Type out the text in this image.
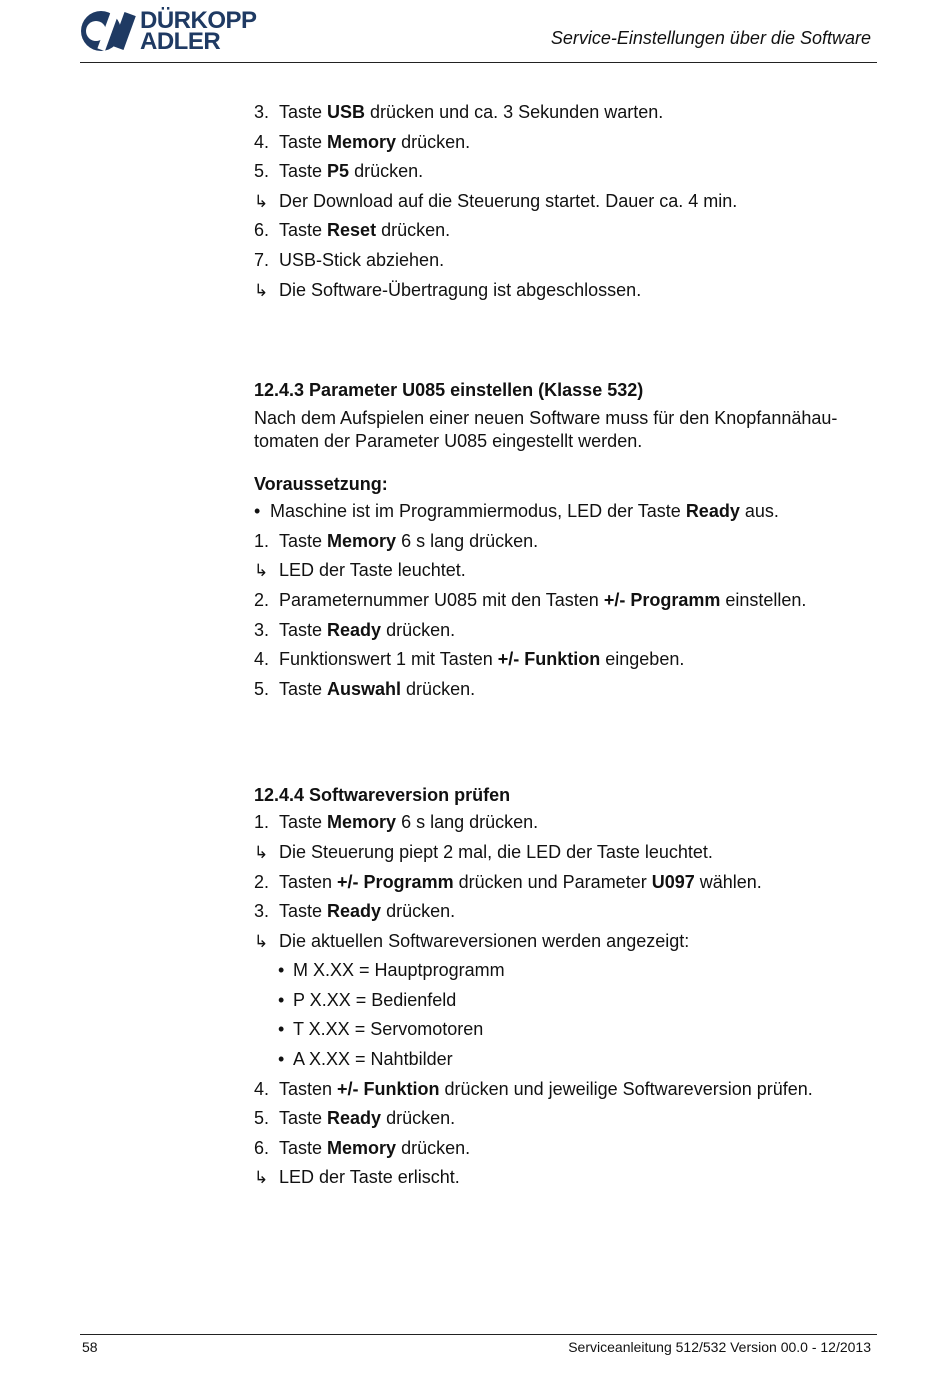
DÜRKOPP
ADLER	Service-Einstellungen über die Software
3. Taste USB drücken und ca. 3 Sekunden warten.
4. Taste Memory drücken.
5. Taste P5 drücken.
↳ Der Download auf die Steuerung startet. Dauer ca. 4 min.
6. Taste Reset drücken.
7. USB-Stick abziehen.
↳ Die Software-Übertragung ist abgeschlossen.
12.4.3 Parameter U085 einstellen (Klasse 532)
Nach dem Aufspielen einer neuen Software muss für den Knopfannähau-
tomaten der Parameter U085 eingestellt werden.
Voraussetzung:
• Maschine ist im Programmiermodus, LED der Taste Ready aus.
1. Taste Memory 6 s lang drücken.
↳ LED der Taste leuchtet.
2. Parameternummer U085 mit den Tasten +/- Programm einstellen.
3. Taste Ready drücken.
4. Funktionswert 1 mit Tasten +/- Funktion eingeben.
5. Taste Auswahl drücken.
12.4.4 Softwareversion prüfen
1. Taste Memory 6 s lang drücken.
↳ Die Steuerung piept 2 mal, die LED der Taste leuchtet.
2. Tasten +/- Programm drücken und Parameter U097 wählen.
3. Taste Ready drücken.
↳ Die aktuellen Softwareversionen werden angezeigt:
• M X.XX = Hauptprogramm
• P X.XX = Bedienfeld
• T X.XX = Servomotoren
• A X.XX = Nahtbilder
4. Tasten +/- Funktion drücken und jeweilige Softwareversion prüfen.
5. Taste Ready drücken.
6. Taste Memory drücken.
↳ LED der Taste erlischt.
58	Serviceanleitung 512/532 Version 00.0 - 12/2013
